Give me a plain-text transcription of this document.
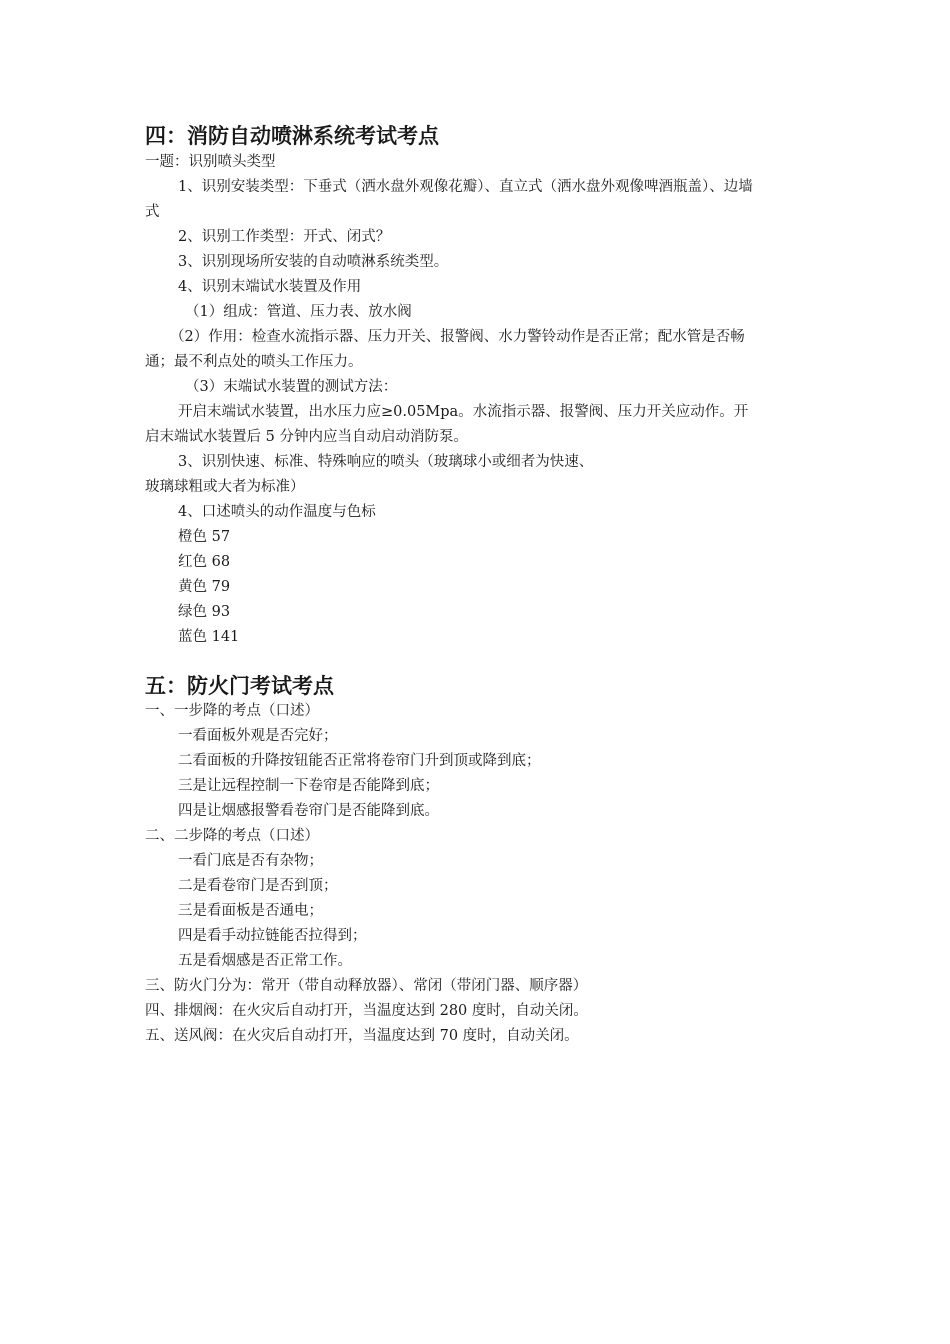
四：消防自动喷淋系统考试考点
一题：识别喷头类型
1、识别安装类型：下垂式（洒水盘外观像花瓣）、直立式（洒水盘外观像啤酒瓶盖）、边墙
式
2、识别工作类型：开式、闭式？
3、识别现场所安装的自动喷淋系统类型。
4、识别末端试水装置及作用
（1）组成：管道、压力表、放水阀
（2）作用：检查水流指示器、压力开关、报警阀、水力警铃动作是否正常；配水管是否畅
通；最不利点处的喷头工作压力。
（3）末端试水装置的测试方法：
开启末端试水装置，出水压力应≥0.05Mpa。水流指示器、报警阀、压力开关应动作。开
启末端试水装置后 5 分钟内应当自动启动消防泵。
3、识别快速、标准、特殊响应的喷头（玻璃球小或细者为快速、
玻璃球粗或大者为标准）
4、口述喷头的动作温度与色标
橙色 57
红色 68
黄色 79
绿色 93
蓝色 141
五：防火门考试考点
一、一步降的考点（口述）
一看面板外观是否完好；
二看面板的升降按钮能否正常将卷帘门升到顶或降到底；
三是让远程控制一下卷帘是否能降到底；
四是让烟感报警看卷帘门是否能降到底。
二、二步降的考点（口述）
一看门底是否有杂物；
二是看卷帘门是否到顶；
三是看面板是否通电；
四是看手动拉链能否拉得到；
五是看烟感是否正常工作。
三、防火门分为：常开（带自动释放器）、常闭（带闭门器、顺序器）
四、排烟阀：在火灾后自动打开，当温度达到 280 度时，自动关闭。
五、送风阀：在火灾后自动打开，当温度达到 70 度时，自动关闭。
